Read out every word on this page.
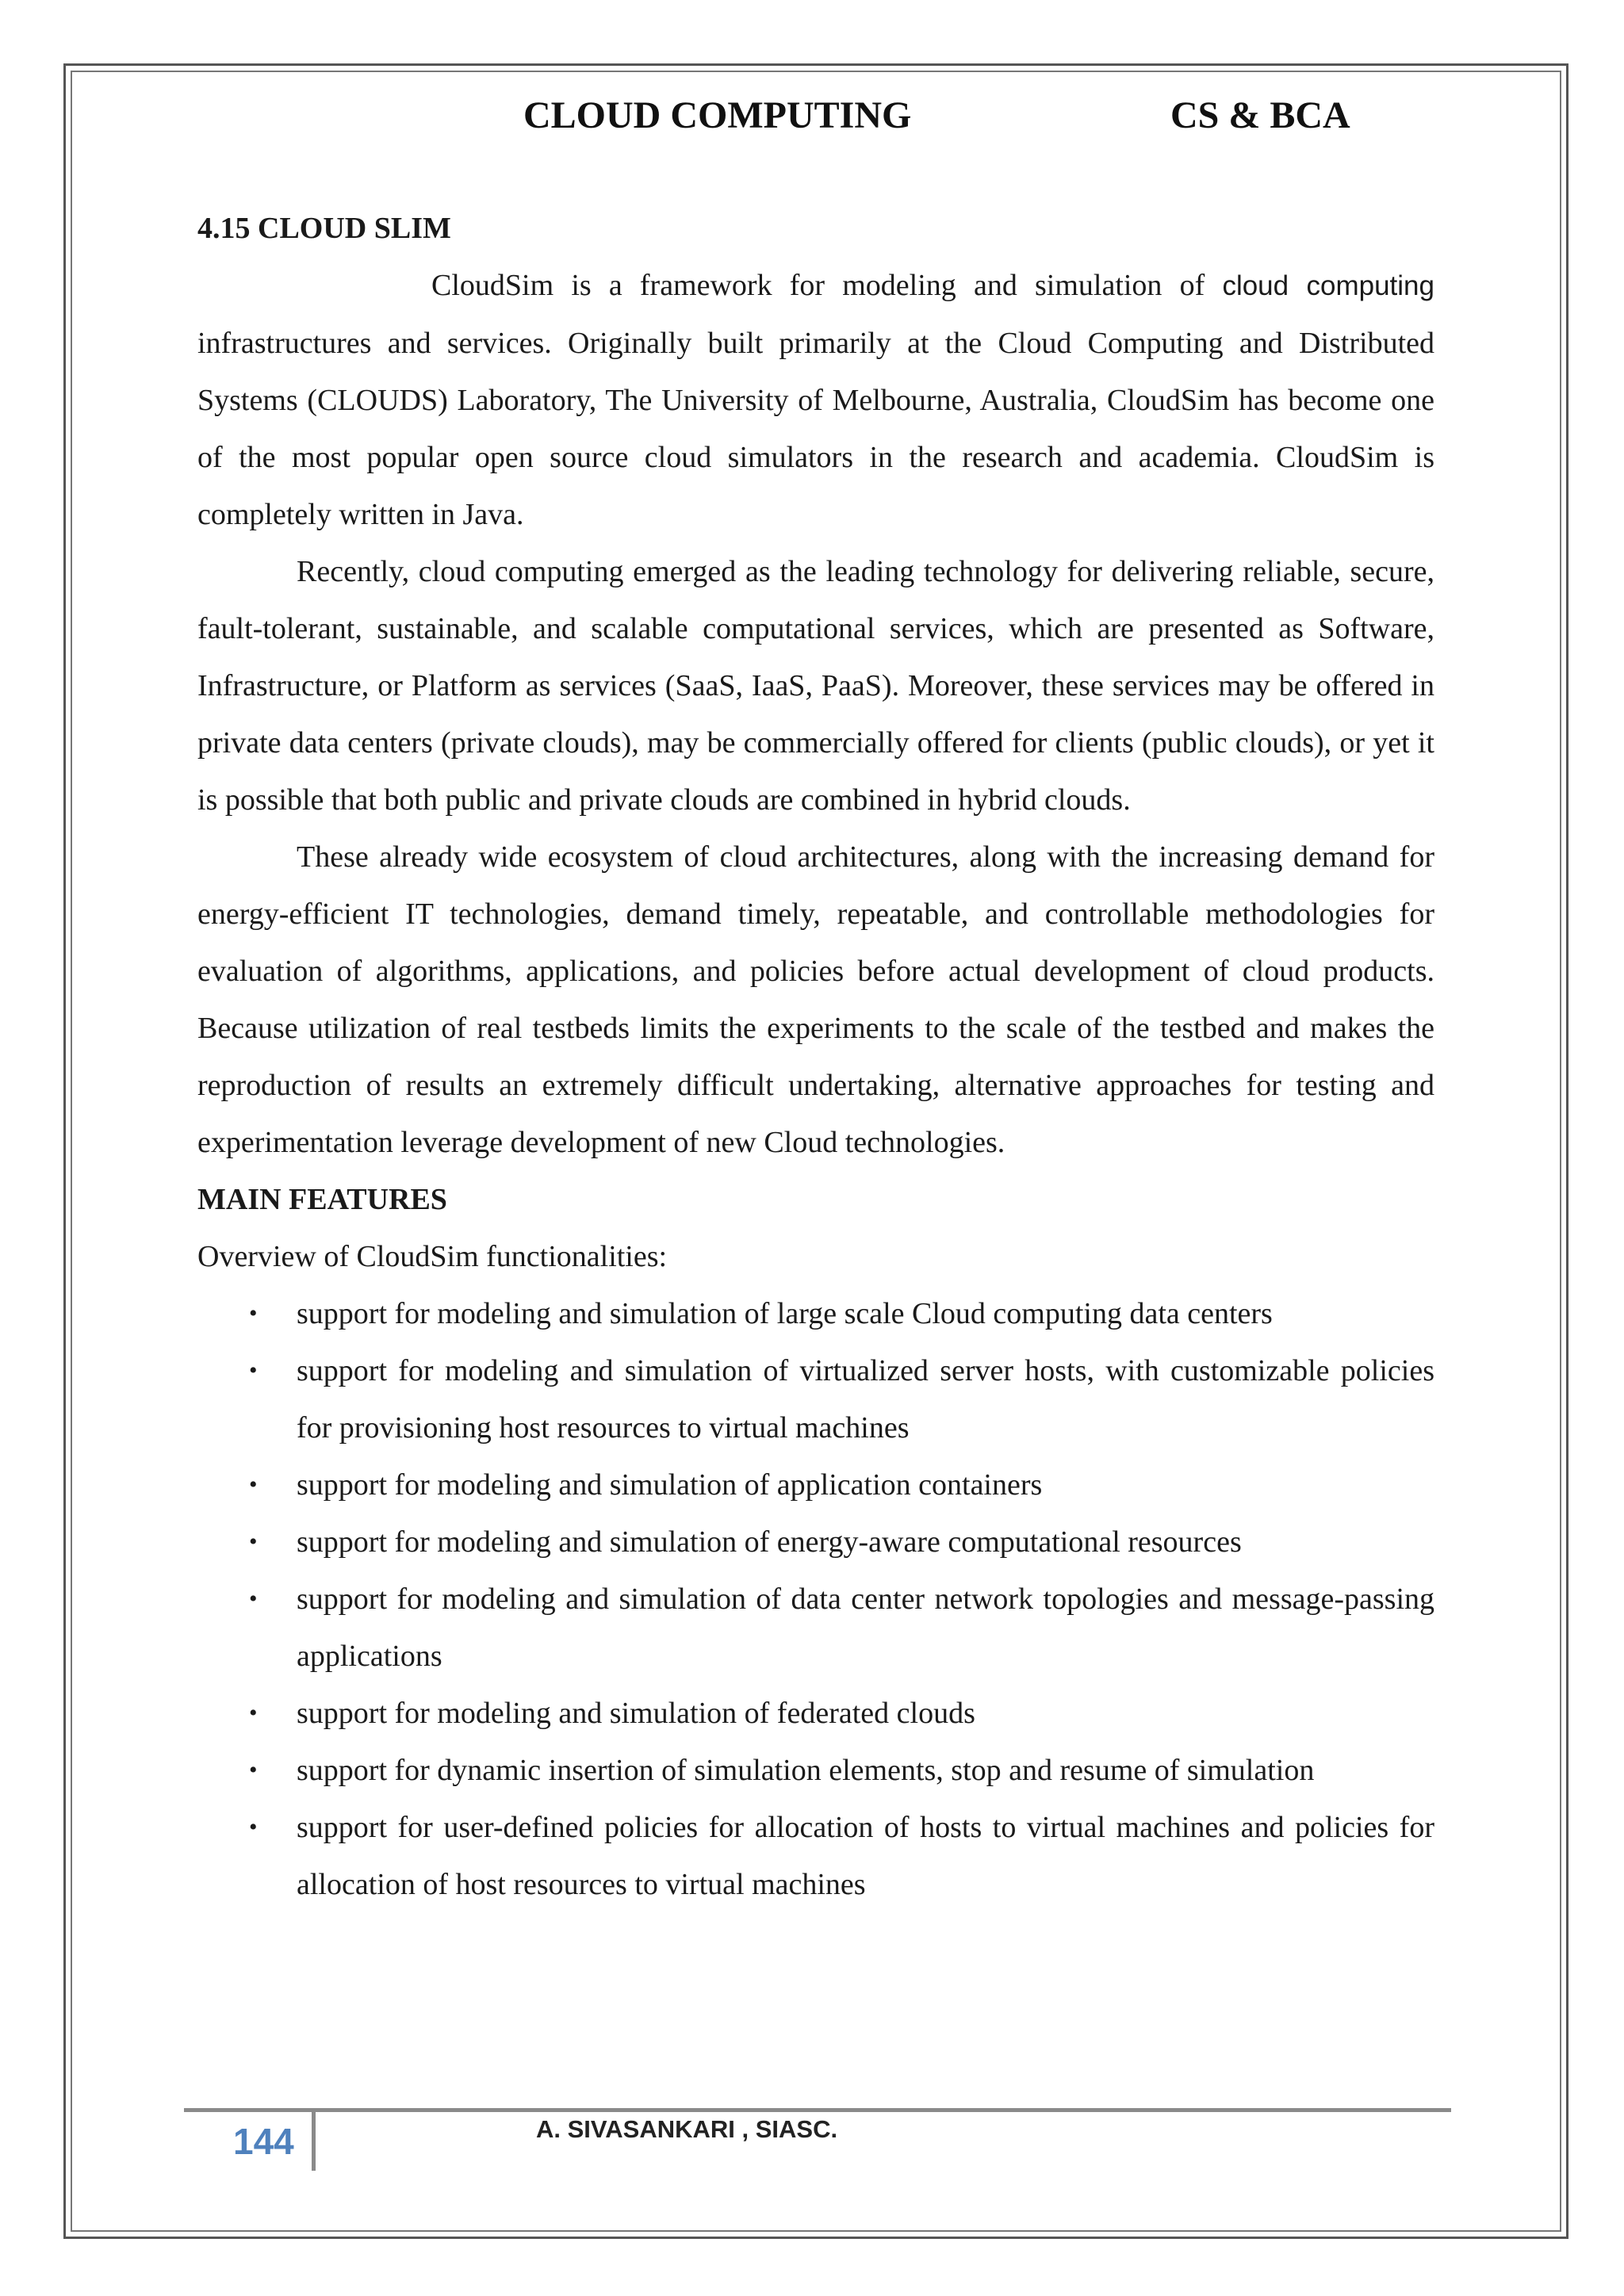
CLOUD COMPUTING	CS & BCA

4.15 CLOUD SLIM

CloudSim is a framework for modeling and simulation of cloud computing infrastructures and services. Originally built primarily at the Cloud Computing and Distributed Systems (CLOUDS) Laboratory, The University of Melbourne, Australia, CloudSim has become one of the most popular open source cloud simulators in the research and academia. CloudSim is completely written in Java.

Recently, cloud computing emerged as the leading technology for delivering reliable, secure, fault-tolerant, sustainable, and scalable computational services, which are presented as Software, Infrastructure, or Platform as services (SaaS, IaaS, PaaS). Moreover, these services may be offered in private data centers (private clouds), may be commercially offered for clients (public clouds), or yet it is possible that both public and private clouds are combined in hybrid clouds.

These already wide ecosystem of cloud architectures, along with the increasing demand for energy-efficient IT technologies, demand timely, repeatable, and controllable methodologies for evaluation of algorithms, applications, and policies before actual development of cloud products. Because utilization of real testbeds limits the experiments to the scale of the testbed and makes the reproduction of results an extremely difficult undertaking, alternative approaches for testing and experimentation leverage development of new Cloud technologies.

MAIN FEATURES

Overview of CloudSim functionalities:

• support for modeling and simulation of large scale Cloud computing data centers
• support for modeling and simulation of virtualized server hosts, with customizable policies for provisioning host resources to virtual machines
• support for modeling and simulation of application containers
• support for modeling and simulation of energy-aware computational resources
• support for modeling and simulation of data center network topologies and message-passing applications
• support for modeling and simulation of federated clouds
• support for dynamic insertion of simulation elements, stop and resume of simulation
• support for user-defined policies for allocation of hosts to virtual machines and policies for allocation of host resources to virtual machines
144	A. SIVASANKARI , SIASC.
